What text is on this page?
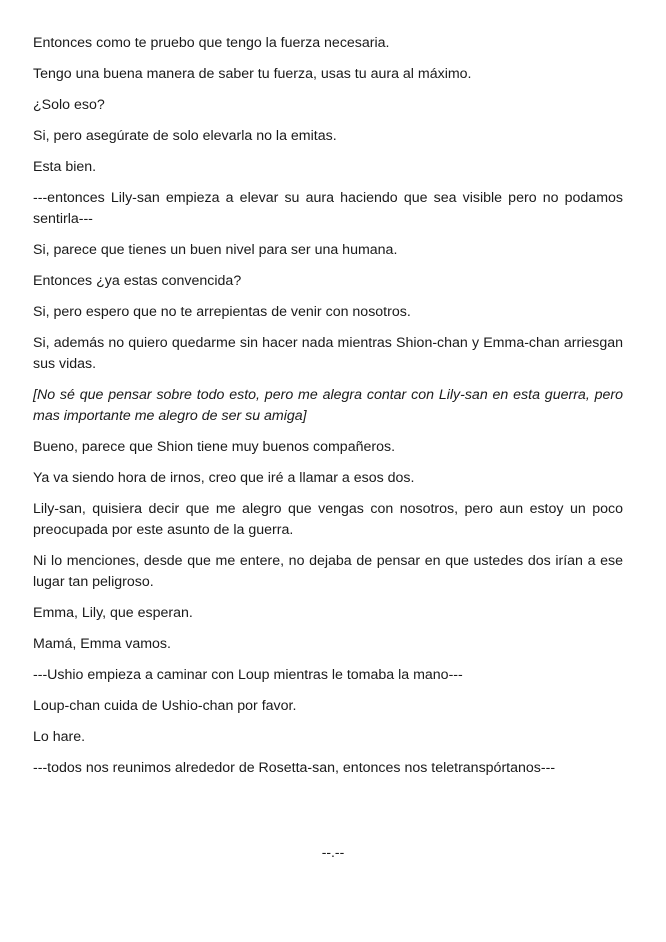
Entonces como te pruebo que tengo la fuerza necesaria.

Tengo una buena manera de saber tu fuerza, usas tu aura al máximo.

¿Solo eso?

Si, pero asegúrate de solo elevarla no la emitas.

Esta bien.

---entonces Lily-san empieza a elevar su aura haciendo que sea visible pero no podamos sentirla---

Si, parece que tienes un buen nivel para ser una humana.

Entonces ¿ya estas convencida?

Si, pero espero que no te arrepientas de venir con nosotros.

Si, además no quiero quedarme sin hacer nada mientras Shion-chan y Emma-chan arriesgan sus vidas.

[No sé que pensar sobre todo esto, pero me alegra contar con Lily-san en esta guerra, pero mas importante me alegro de ser su amiga]

Bueno, parece que Shion tiene muy buenos compañeros.

Ya va siendo hora de irnos, creo que iré a llamar a esos dos.

Lily-san, quisiera decir que me alegro que vengas con nosotros, pero aun estoy un poco preocupada por este asunto de la guerra.

Ni lo menciones, desde que me entere, no dejaba de pensar en que ustedes dos irían a ese lugar tan peligroso.

Emma, Lily, que esperan.

Mamá, Emma vamos.

---Ushio empieza a caminar con Loup mientras le tomaba la mano---

Loup-chan cuida de Ushio-chan por favor.

Lo hare.

---todos nos reunimos alrededor de Rosetta-san, entonces nos teletranspórtanos---

--.--
